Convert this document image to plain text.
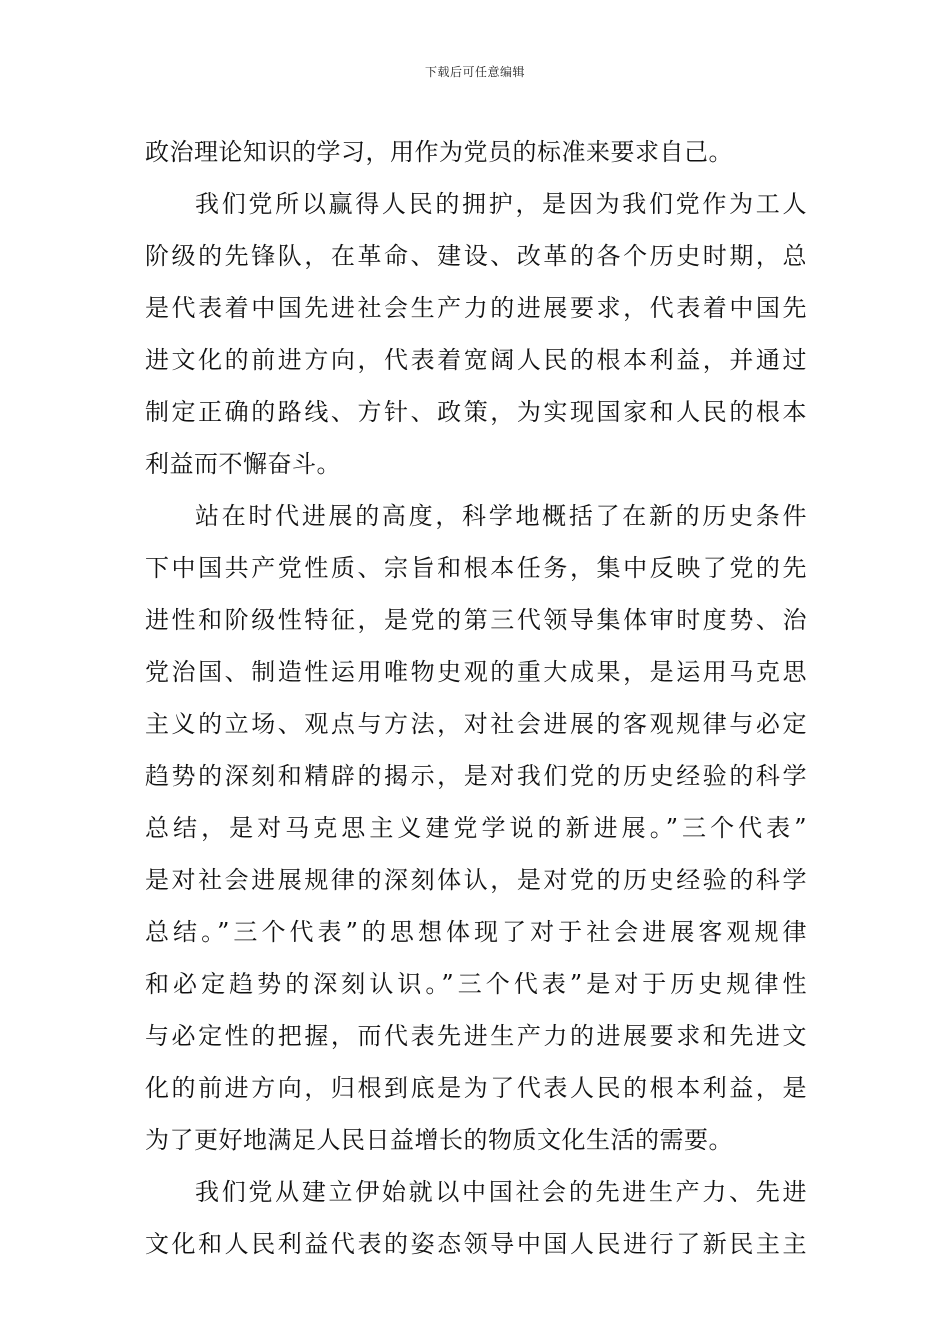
下载后可任意编辑
政治理论知识的学习，用作为党员的标准来要求自己。
我们党所以赢得人民的拥护，是因为我们党作为工人
阶级的先锋队，在革命、建设、改革的各个历史时期，总
是代表着中国先进社会生产力的进展要求，代表着中国先
进文化的前进方向，代表着宽阔人民的根本利益，并通过
制定正确的路线、方针、政策，为实现国家和人民的根本
利益而不懈奋斗。
站在时代进展的高度，科学地概括了在新的历史条件
下中国共产党性质、宗旨和根本任务，集中反映了党的先
进性和阶级性特征，是党的第三代领导集体审时度势、治
党治国、制造性运用唯物史观的重大成果，是运用马克思
主义的立场、观点与方法，对社会进展的客观规律与必定
趋势的深刻和精辟的揭示，是对我们党的历史经验的科学
总结，是对马克思主义建党学说的新进展。”三个代表”
是对社会进展规律的深刻体认，是对党的历史经验的科学
总结。”三个代表”的思想体现了对于社会进展客观规律
和必定趋势的深刻认识。”三个代表”是对于历史规律性
与必定性的把握，而代表先进生产力的进展要求和先进文
化的前进方向，归根到底是为了代表人民的根本利益，是
为了更好地满足人民日益增长的物质文化生活的需要。
我们党从建立伊始就以中国社会的先进生产力、先进
文化和人民利益代表的姿态领导中国人民进行了新民主主
